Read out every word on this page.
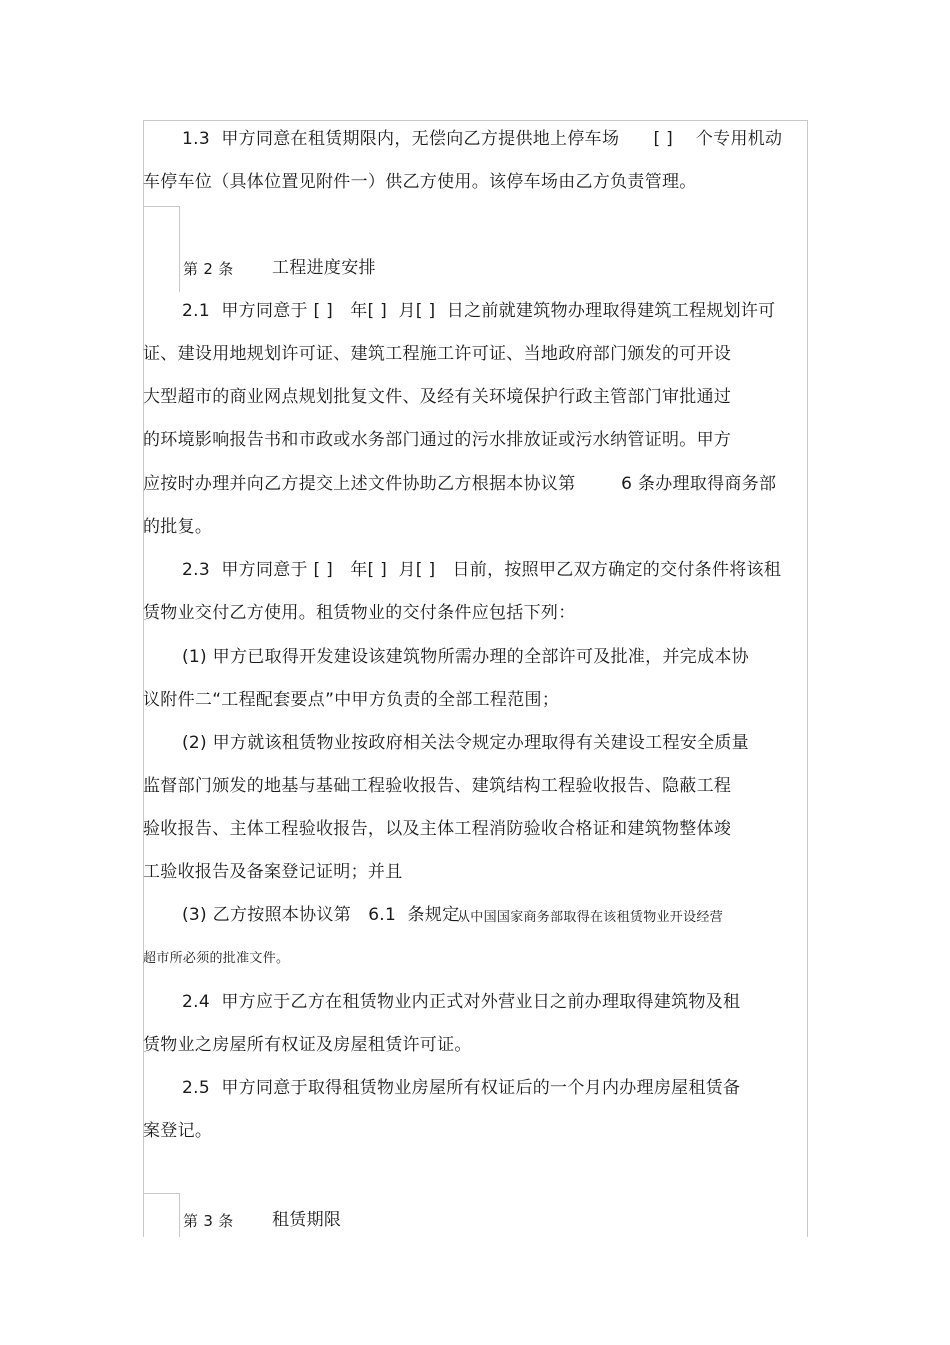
1.3  甲方同意在租赁期限内，无偿向乙方提供地上停车场      [ ]    个专用机动
车停车位（具体位置见附件一）供乙方使用。该停车场由乙方负责管理。
第 2 条 工程进度安排
2.1  甲方同意于 [ ]   年[ ]  月[ ]  日之前就建筑物办理取得建筑工程规划许可
证、建设用地规划许可证、建筑工程施工许可证、当地政府部门颁发的可开设
大型超市的商业网点规划批复文件、及经有关环境保护行政主管部门审批通过
的环境影响报告书和市政或水务部门通过的污水排放证或污水纳管证明。甲方
应按时办理并向乙方提交上述文件协助乙方根据本协议第        6 条办理取得商务部
的批复。
2.3  甲方同意于 [ ]   年[ ]  月[ ]   日前，按照甲乙双方确定的交付条件将该租
赁物业交付乙方使用。租赁物业的交付条件应包括下列：
(1) 甲方已取得开发建设该建筑物所需办理的全部许可及批准，并完成本协
议附件二“工程配套要点”中甲方负责的全部工程范围；
(2) 甲方就该租赁物业按政府相关法令规定办理取得有关建设工程安全质量
监督部门颁发的地基与基础工程验收报告、建筑结构工程验收报告、隐蔽工程
验收报告、主体工程验收报告，以及主体工程消防验收合格证和建筑物整体竣
工验收报告及备案登记证明；并且
(3) 乙方按照本协议第   6.1  条规定
从中国国家商务部取得在该租赁物业开设经营
超市所必须的批准文件。
2.4  甲方应于乙方在租赁物业内正式对外营业日之前办理取得建筑物及租
赁物业之房屋所有权证及房屋租赁许可证。
2.5  甲方同意于取得租赁物业房屋所有权证后的一个月内办理房屋租赁备
案登记。
第 3 条 租赁期限
